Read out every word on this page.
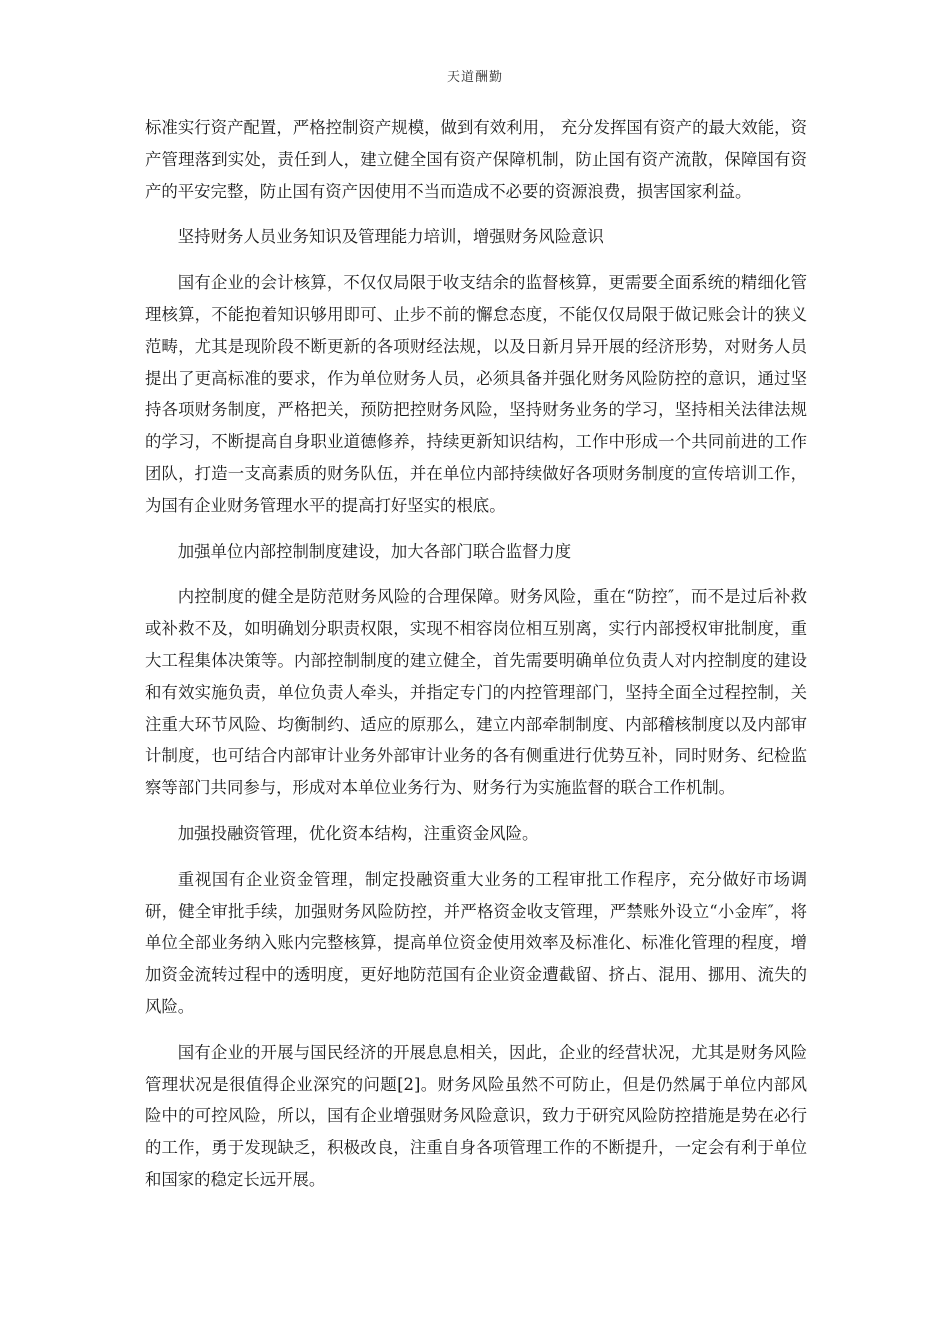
天道酬勤

标准实行资产配置，严格控制资产规模，做到有效利用， 充分发挥国有资产的最大效能，资产管理落到实处，责任到人，建立健全国有资产保障机制，防止国有资产流散，保障国有资产的平安完整，防止国有资产因使用不当而造成不必要的资源浪费，损害国家利益。

坚持财务人员业务知识及管理能力培训，增强财务风险意识

国有企业的会计核算，不仅仅局限于收支结余的监督核算，更需要全面系统的精细化管理核算，不能抱着知识够用即可、止步不前的懈怠态度，不能仅仅局限于做记账会计的狭义范畴，尤其是现阶段不断更新的各项财经法规，以及日新月异开展的经济形势，对财务人员提出了更高标准的要求，作为单位财务人员，必须具备并强化财务风险防控的意识，通过坚持各项财务制度，严格把关，预防把控财务风险，坚持财务业务的学习，坚持相关法律法规的学习，不断提高自身职业道德修养，持续更新知识结构，工作中形成一个共同前进的工作团队，打造一支高素质的财务队伍，并在单位内部持续做好各项财务制度的宣传培训工作，为国有企业财务管理水平的提高打好坚实的根底。

加强单位内部控制制度建设，加大各部门联合监督力度

内控制度的健全是防范财务风险的合理保障。财务风险，重在“防控″，而不是过后补救或补救不及，如明确划分职责权限，实现不相容岗位相互别离，实行内部授权审批制度，重大工程集体决策等。内部控制制度的建立健全，首先需要明确单位负责人对内控制度的建设和有效实施负责，单位负责人牵头，并指定专门的内控管理部门，坚持全面全过程控制，关注重大环节风险、均衡制约、适应的原那么，建立内部牵制制度、内部稽核制度以及内部审计制度，也可结合内部审计业务外部审计业务的各有侧重进行优势互补，同时财务、纪检监察等部门共同参与，形成对本单位业务行为、财务行为实施监督的联合工作机制。

加强投融资管理，优化资本结构，注重资金风险。

重视国有企业资金管理，制定投融资重大业务的工程审批工作程序，充分做好市场调研，健全审批手续，加强财务风险防控，并严格资金收支管理，严禁账外设立“小金库″，将单位全部业务纳入账内完整核算，提高单位资金使用效率及标准化、标准化管理的程度，增加资金流转过程中的透明度，更好地防范国有企业资金遭截留、挤占、混用、挪用、流失的风险。

国有企业的开展与国民经济的开展息息相关，因此，企业的经营状况，尤其是财务风险管理状况是很值得企业深究的问题[2]。财务风险虽然不可防止，但是仍然属于单位内部风险中的可控风险，所以，国有企业增强财务风险意识，致力于研究风险防控措施是势在必行的工作，勇于发现缺乏，积极改良，注重自身各项管理工作的不断提升，一定会有利于单位和国家的稳定长远开展。
